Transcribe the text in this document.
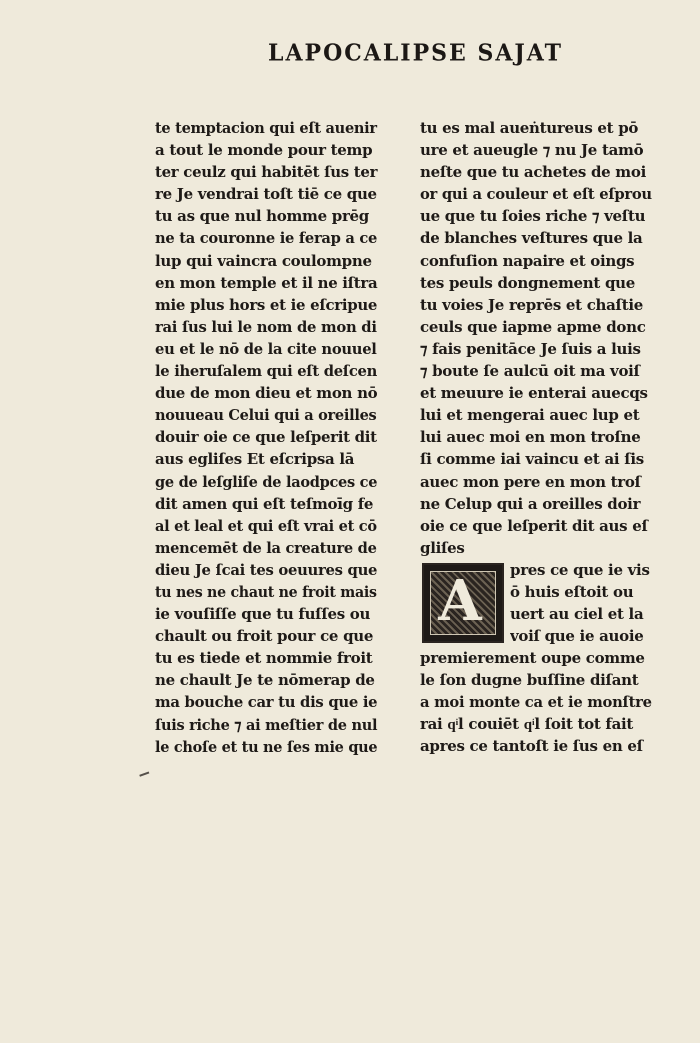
LAPOCALIPSE SAJAT
te temptacion qui eſt auenir
a tout le monde pour temp
ter ceulz qui habitēt ſus ter
re Je vendrai toſt tiē ce que
tu as que nul homme prēg
ne ta couronne ie ferap a ce
lup qui vaincra coulompne
en mon temple et il ne iſtra
mie plus hors et ie eſcripue
rai ſus lui le nom de mon di
eu et le nō de la cite nouuel
le iheruſalem qui eſt deſcen
due de mon dieu et mon nō
nouueau Celui qui a oreilles
douir oie ce que leſperit dit
aus egliſes Et eſcripsa lā
ge de leſgliſe de laodpces ce
dit amen qui eſt teſmoīg fe
al et leal et qui eſt vrai et cō
mencemēt de la creature de
dieu Je ſcai tes oeuures que
tu nes ne chaut ne froit mais
ie vouſiſſe que tu fuſſes ou
chault ou froit pour ce que
tu es tiede et nommie froit
ne chault Je te nōmerap de
ma bouche car tu dis que ie
ſuis riche ⁊ ai meſtier de nul
le choſe et tu ne ſes mie que
tu es mal aueṅtureus et pō
ure et aueugle ⁊ nu Je tamō
neſte que tu achetes de moi
or qui a couleur et eſt eſprou
ue que tu ſoies riche ⁊ veſtu
de blanches veſtures que la
confuſion napaire et oings
tes peuls dongnement que
tu voies Je reprēs et chaſtie
ceuls que iapme apme donc
⁊ fais penitāce Je ſuis a luis
⁊ boute ſe aulcū oit ma voiſ
et meuure ie enterai auecqs
lui et mengerai auec lup et
lui auec moi en mon troſne
ſi comme iai vaincu et ai ſis
auec mon pere en mon troſ
ne Celup qui a oreilles doir
oie ce que leſperit dit aus eſ
gliſes
A pres ce que ie vis
ō huis eſtoit ou
uert au ciel et la
voiſ que ie auoie
premierement oupe comme
le ſon dugne buſſine diſant
a moi monte ca et ie monſtre
rai qͥl couiēt qͥl ſoit tot fait
apres ce tantoſt ie ſus en eſ
